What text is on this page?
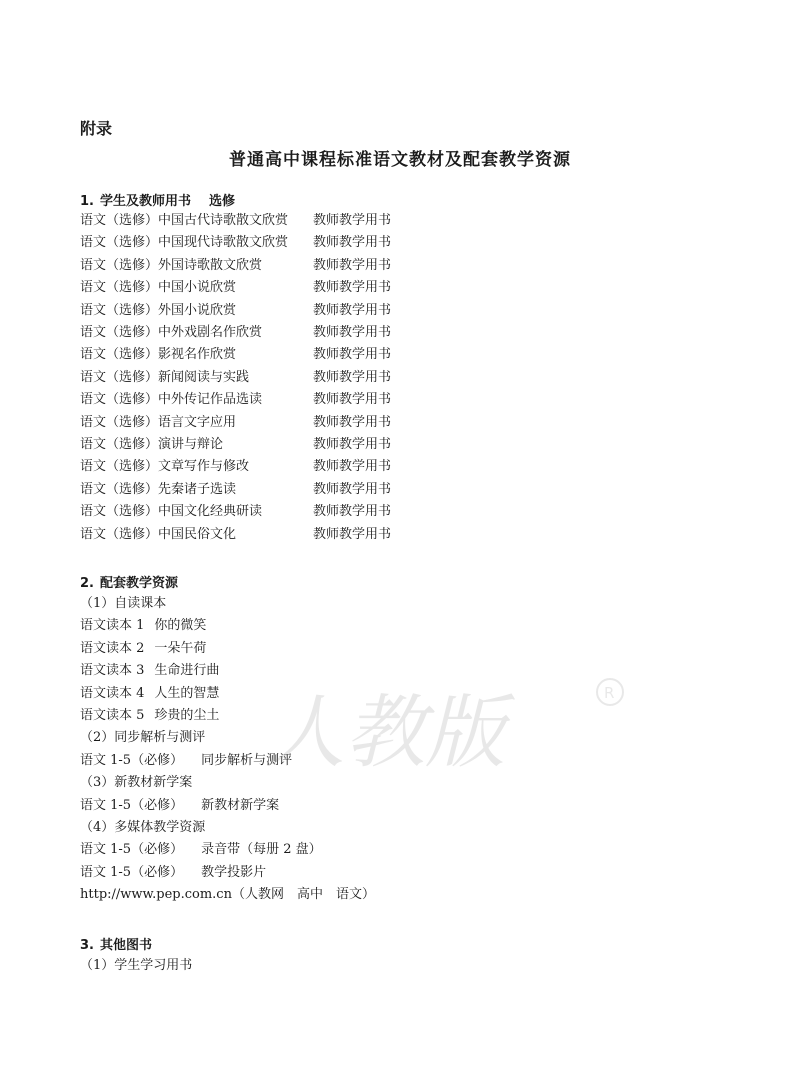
附录
普通高中课程标准语文教材及配套教学资源
1. 学生及教师用书 选修
语文（选修）中国古代诗歌散文欣赏 教师教学用书
语文（选修）中国现代诗歌散文欣赏 教师教学用书
语文（选修）外国诗歌散文欣赏	教师教学用书
语文（选修）中国小说欣赏	教师教学用书
语文（选修）外国小说欣赏	教师教学用书
语文（选修）中外戏剧名作欣赏	教师教学用书
语文（选修）影视名作欣赏	教师教学用书
语文（选修）新闻阅读与实践	教师教学用书
语文（选修）中外传记作品选读	教师教学用书
语文（选修）语言文字应用	教师教学用书
语文（选修）演讲与辩论	教师教学用书
语文（选修）文章写作与修改	教师教学用书
语文（选修）先秦诸子选读	教师教学用书
语文（选修）中国文化经典研读	教师教学用书
语文（选修）中国民俗文化	教师教学用书
2. 配套教学资源
（1）自读课本
语文读本 1 你的微笑
语文读本 2 一朵午荷
语文读本 3 生命进行曲
语文读本 4 人生的智慧
语文读本 5 珍贵的尘土
（2）同步解析与测评
语文 1-5（必修） 同步解析与测评
（3）新教材新学案
语文 1-5（必修） 新教材新学案
（4）多媒体教学资源
语文 1-5（必修） 录音带（每册 2 盘）
语文 1-5（必修） 教学投影片
http://www.pep.com.cn（人教网　高中　语文）
3. 其他图书
（1）学生学习用书
人教版	R
